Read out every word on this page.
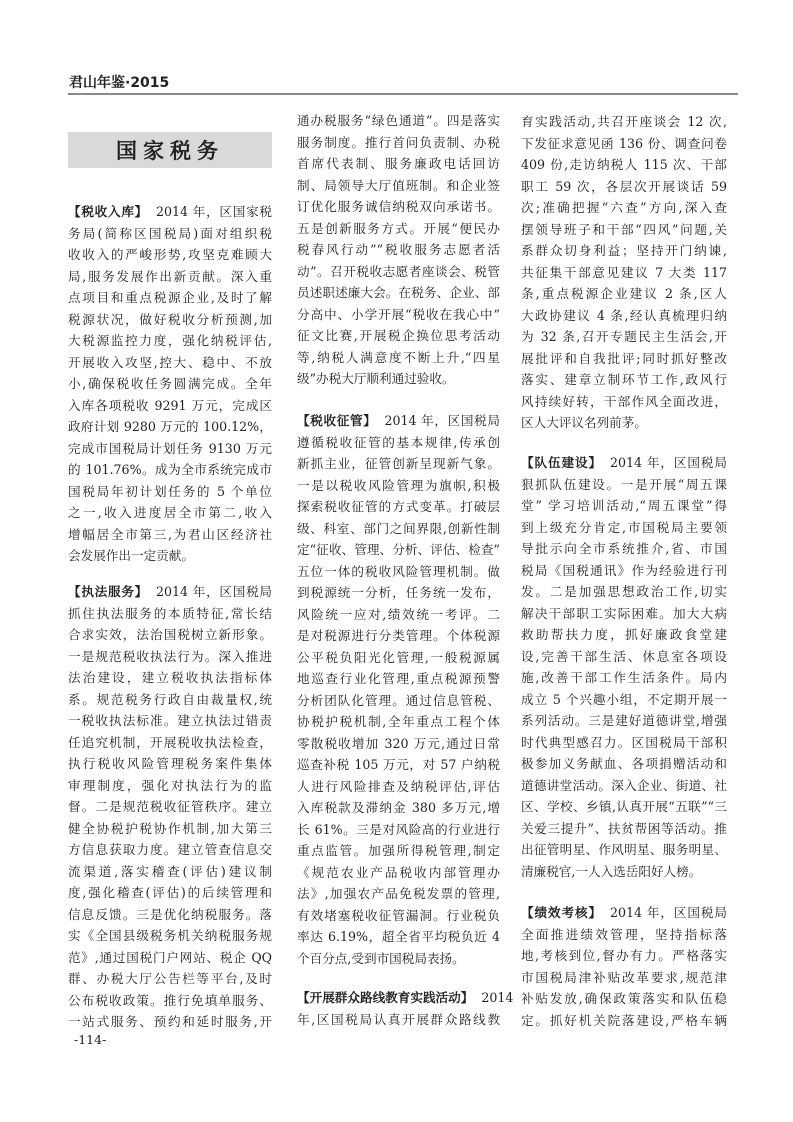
君山年鉴·2015
国家税务
【税收入库】 2014 年，区国家税
务局(简称区国税局)面对组织税
收收入的严峻形势,攻坚克难顾大
局,服务发展作出新贡献。深入重
点项目和重点税源企业,及时了解
税源状况，做好税收分析预测,加
大税源监控力度，强化纳税评估,
开展收入攻坚,控大、稳中、不放
小,确保税收任务圆满完成。全年
入库各项税收 9291 万元，完成区
政府计划 9280 万元的 100.12%，
完成市国税局计划任务 9130 万元
的 101.76%。成为全市系统完成市
国税局年初计划任务的 5 个单位
之一,收入进度居全市第二,收入
增幅居全市第三,为君山区经济社
会发展作出一定贡献。
【执法服务】 2014 年，区国税局
抓住执法服务的本质特征,常长结
合求实效，法治国税树立新形象。
一是规范税收执法行为。深入推进
法治建设，建立税收执法指标体
系。规范税务行政自由裁量权,统
一税收执法标准。建立执法过错责
任追究机制，开展税收执法检查，
执行税收风险管理税务案件集体
审理制度，强化对执法行为的监
督。二是规范税收征管秩序。建立
健全协税护税协作机制,加大第三
方信息获取力度。建立管查信息交
流渠道,落实稽查(评估)建议制
度,强化稽查(评估)的后续管理和
信息反馈。三是优化纳税服务。落
实《全国县级税务机关纳税服务规
范》,通过国税门户网站、税企 QQ
群、办税大厅公告栏等平台,及时
公布税收政策。推行免填单服务、
一站式服务、预约和延时服务,开
通办税服务“绿色通道”。四是落实
服务制度。推行首问负责制、办税
首席代表制、服务廉政电话回访
制、局领导大厅值班制。和企业签
订优化服务诚信纳税双向承诺书。
五是创新服务方式。开展“便民办
税春风行动”“税收服务志愿者活
动”。召开税收志愿者座谈会、税管
员述职述廉大会。在税务、企业、部
分高中、小学开展“税收在我心中”
征文比赛,开展税企换位思考活动
等,纳税人满意度不断上升,“四星
级”办税大厅顺利通过验收。
【税收征管】 2014 年，区国税局
遵循税收征管的基本规律,传承创
新抓主业，征管创新呈现新气象。
一是以税收风险管理为旗帜,积极
探索税收征管的方式变革。打破层
级、科室、部门之间界限,创新性制
定“征收、管理、分析、评估、检查”
五位一体的税收风险管理机制。做
到税源统一分析，任务统一发布，
风险统一应对,绩效统一考评。二
是对税源进行分类管理。个体税源
公平税负阳光化管理,一般税源属
地巡查行业化管理,重点税源预警
分析团队化管理。通过信息管税、
协税护税机制,全年重点工程个体
零散税收增加 320 万元,通过日常
巡查补税 105 万元，对 57 户纳税
人进行风险排查及纳税评估,评估
入库税款及滞纳金 380 多万元,增
长 61%。三是对风险高的行业进行
重点监管。加强所得税管理,制定
《规范农业产品税收内部管理办
法》,加强农产品免税发票的管理,
有效堵塞税收征管漏洞。行业税负
率达 6.19%，超全省平均税负近 4
个百分点,受到市国税局表扬。
【开展群众路线教育实践活动】 2014
年,区国税局认真开展群众路线教
育实践活动,共召开座谈会 12 次,
下发征求意见函 136 份、调查问卷
409 份,走访纳税人 115 次、干部
职工 59 次，各层次开展谈话 59
次;准确把握“六查”方向,深入查
摆领导班子和干部“四风”问题,关
系群众切身利益；坚持开门纳谏,
共征集干部意见建议 7 大类 117
条,重点税源企业建议 2 条,区人
大政协建议 4 条,经认真梳理归纳
为 32 条,召开专题民主生活会,开
展批评和自我批评;同时抓好整改
落实、建章立制环节工作,政风行
风持续好转，干部作风全面改进，
区人大评议名列前茅。
【队伍建设】 2014 年，区国税局
狠抓队伍建设。一是开展“周五课
堂” 学习培训活动,“周五课堂”得
到上级充分肯定,市国税局主要领
导批示向全市系统推介,省、市国
税局《国税通讯》作为经验进行刊
发。二是加强思想政治工作,切实
解决干部职工实际困难。加大大病
救助帮扶力度，抓好廉政食堂建
设,完善干部生活、休息室各项设
施,改善干部工作生活条件。局内
成立 5 个兴趣小组，不定期开展一
系列活动。三是建好道德讲堂,增强
时代典型感召力。区国税局干部积
极参加义务献血、各项捐赠活动和
道德讲堂活动。深入企业、街道、社
区、学校、乡镇,认真开展“五联”“三
关爱三提升”、扶贫帮困等活动。推
出征管明星、作风明星、服务明星、
清廉税官,一人入选岳阳好人榜。
【绩效考核】 2014 年，区国税局
全面推进绩效管理，坚持指标落
地,考核到位,督办有力。严格落实
市国税局津补贴改革要求,规范津
补贴发放,确保政策落实和队伍稳
定。抓好机关院落建设,严格车辆
-114-
